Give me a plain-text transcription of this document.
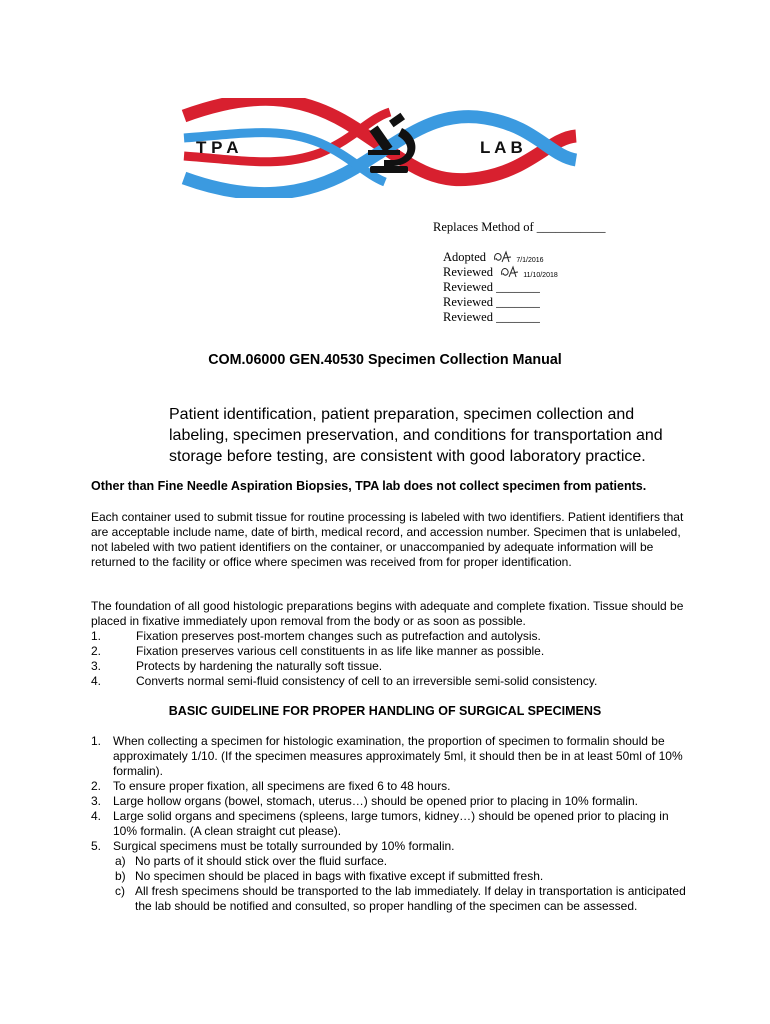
T P A	L A B
Replaces Method of ___________
Adopted	7/1/2016
Reviewed	11/10/2018
Reviewed _______
Reviewed _______
Reviewed _______
COM.06000 GEN.40530 Specimen Collection Manual
Patient identification, patient preparation, specimen collection and labeling, specimen preservation, and conditions for transportation and storage before testing, are consistent with good laboratory practice.
Other than Fine Needle Aspiration Biopsies, TPA lab does not collect specimen from patients.
Each container used to submit tissue for routine processing is labeled with two identifiers. Patient identifiers that are acceptable include name, date of birth, medical record, and accession number. Specimen that is unlabeled, not labeled with two patient identifiers on the container, or unaccompanied by adequate information will be returned to the facility or office where specimen was received from for proper identification.
The foundation of all good histologic preparations begins with adequate and complete fixation. Tissue should be placed in fixative immediately upon removal from the body or as soon as possible.
1.	Fixation preserves post-mortem changes such as putrefaction and autolysis.
2.	Fixation preserves various cell constituents in as life like manner as possible.
3.	Protects by hardening the naturally soft tissue.
4.	Converts normal semi-fluid consistency of cell to an irreversible semi-solid consistency.
BASIC GUIDELINE FOR PROPER HANDLING OF SURGICAL SPECIMENS
1. When collecting a specimen for histologic examination, the proportion of specimen to formalin should be approximately 1/10. (If the specimen measures approximately 5ml, it should then be in at least 50ml of 10% formalin).
2. To ensure proper fixation, all specimens are fixed 6 to 48 hours.
3. Large hollow organs (bowel, stomach, uterus…) should be opened prior to placing in 10% formalin.
4. Large solid organs and specimens (spleens, large tumors, kidney…) should be opened prior to placing in 10% formalin. (A clean straight cut please).
5. Surgical specimens must be totally surrounded by 10% formalin.
a) No parts of it should stick over the fluid surface.
b) No specimen should be placed in bags with fixative except if submitted fresh.
c) All fresh specimens should be transported to the lab immediately. If delay in transportation is anticipated the lab should be notified and consulted, so proper handling of the specimen can be assessed.
